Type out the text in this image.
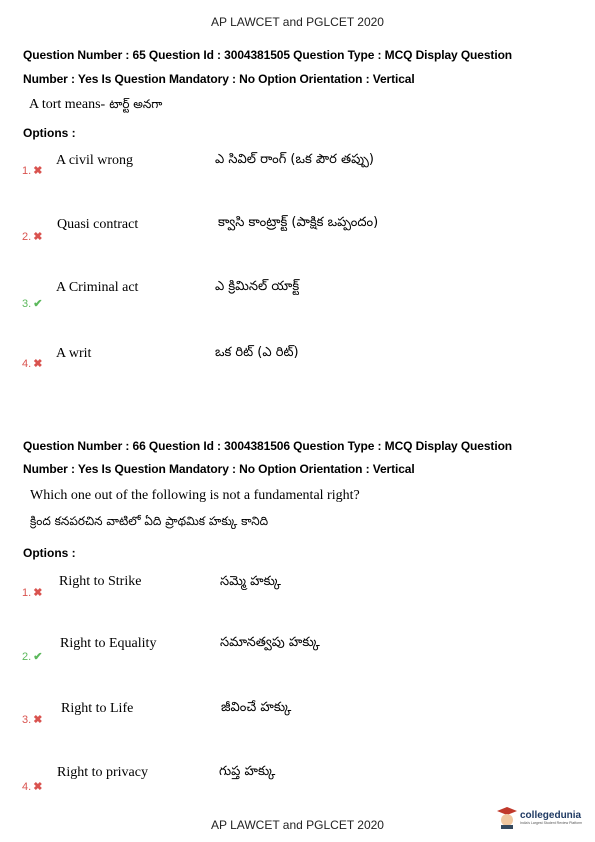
AP LAWCET and PGLCET 2020
Question Number : 65 Question Id : 3004381505 Question Type : MCQ Display Question
Number : Yes Is Question Mandatory : No Option Orientation : Vertical
A tort means- టార్ట్ అనగా
Options :
1. ✖
A civil wrong	ఎ సివిల్ రాంగ్ (ఒక పౌర తప్పు)
2. ✖
Quasi contract	క్వాసి కాంట్రాక్ట్ (పాక్షిక ఒప్పందం)
3. ✔
A Criminal act	ఎ క్రిమినల్ యాక్ట్
4. ✖
A writ	ఒక రిట్ (ఎ రిట్)
Question Number : 66 Question Id : 3004381506 Question Type : MCQ Display Question
Number : Yes Is Question Mandatory : No Option Orientation : Vertical
Which one out of the following is not a fundamental right?
క్రింద కనపరచిన వాటిలో ఏది ప్రాథమిక హక్కు కానిది
Options :
1. ✖
Right to Strike	సమ్మె హక్కు
2. ✔
Right to Equality	సమానత్వపు హక్కు
3. ✖
Right to Life	జీవించే హక్కు
4. ✖
Right to privacy	గుప్త హక్కు
AP LAWCET and PGLCET 2020
collegedunia
India's Largest Student Review Platform
